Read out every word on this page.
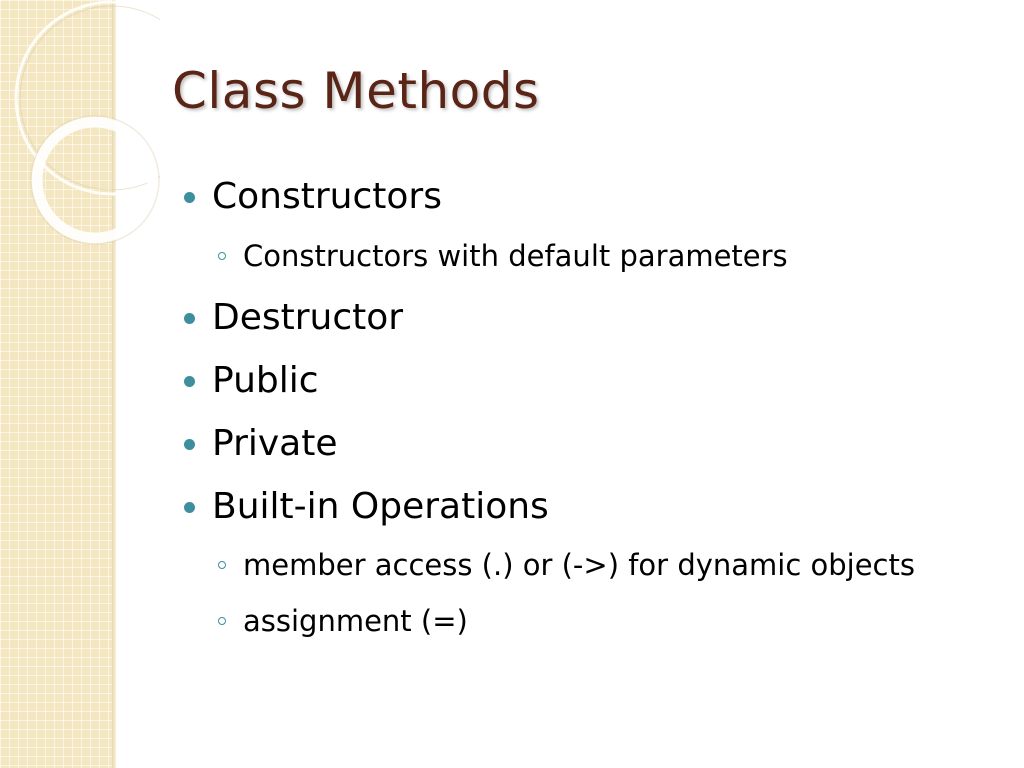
Class Methods
Constructors
Constructors with default parameters
Destructor
Public
Private
Built-in Operations
member access (.) or (->) for dynamic objects
assignment (=)
